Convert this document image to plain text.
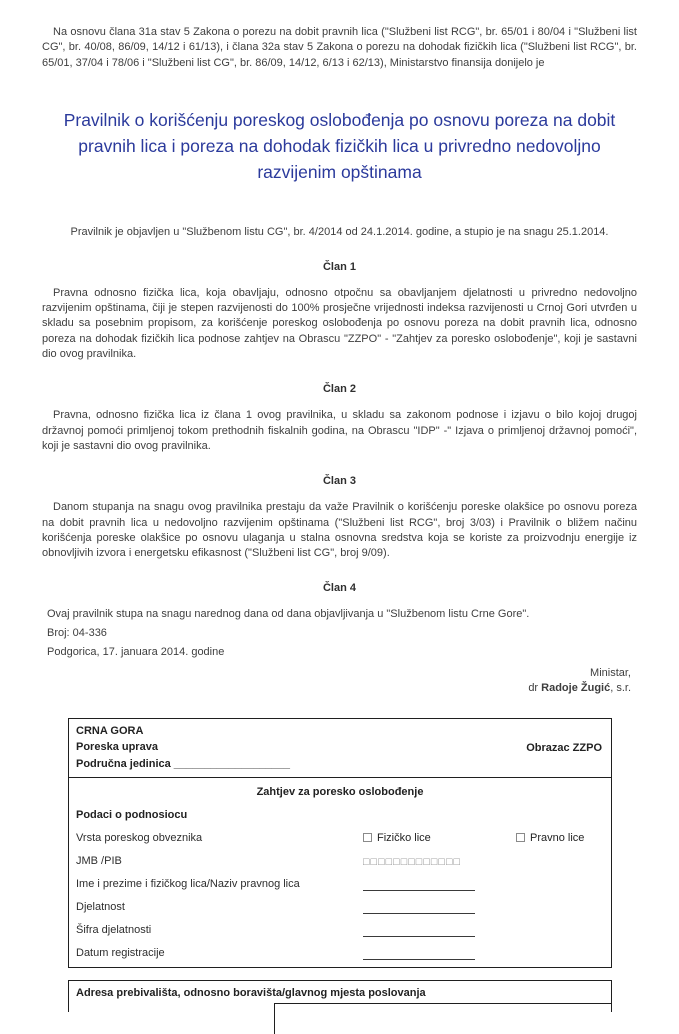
Na osnovu člana 31a stav 5 Zakona o porezu na dobit pravnih lica ("Službeni list RCG", br. 65/01 i 80/04 i "Službeni list CG", br. 40/08, 86/09, 14/12 i 61/13), i člana 32a stav 5 Zakona o porezu na dohodak fizičkih lica ("Službeni list RCG", br. 65/01, 37/04 i 78/06 i "Službeni list CG", br. 86/09, 14/12, 6/13 i 62/13), Ministarstvo finansija donijelo je

Pravilnik o korišćenju poreskog oslobođenja po osnovu poreza na dobit pravnih lica i poreza na dohodak fizičkih lica u privredno nedovoljno razvijenim opštinama

Pravilnik je objavljen u "Službenom listu CG", br. 4/2014 od 24.1.2014. godine, a stupio je na snagu 25.1.2014.

Član 1

Pravna odnosno fizička lica, koja obavljaju, odnosno otpočnu sa obavljanjem djelatnosti u privredno nedovoljno razvijenim opštinama, čiji je stepen razvijenosti do 100% prosječne vrijednosti indeksa razvijenosti u Crnoj Gori utvrđen u skladu sa posebnim propisom, za korišćenje poreskog oslobođenja po osnovu poreza na dobit pravnih lica, odnosno poreza na dohodak fizičkih lica podnose zahtjev na Obrascu "ZZPO" - "Zahtjev za poresko oslobođenje", koji je sastavni dio ovog pravilnika.

Član 2

Pravna, odnosno fizička lica iz člana 1 ovog pravilnika, u skladu sa zakonom podnose i izjavu o bilo kojoj drugoj državnoj pomoći primljenoj tokom prethodnih fiskalnih godina, na Obrascu "IDP" -" Izjava o primljenoj državnoj pomoći", koji je sastavni dio ovog pravilnika.

Član 3

Danom stupanja na snagu ovog pravilnika prestaju da važe Pravilnik o korišćenju poreske olakšice po osnovu poreza na dobit pravnih lica u nedovoljno razvijenim opštinama ("Službeni list RCG", broj 3/03) i Pravilnik o bližem načinu korišćenja poreske olakšice po osnovu ulaganja u stalna osnovna sredstva koja se koriste za proizvodnju energije iz obnovljivih izvora i energetsku efikasnost ("Službeni list CG", broj 9/09).

Član 4

Ovaj pravilnik stupa na snagu narednog dana od dana objavljivanja u "Službenom listu Crne Gore".

Broj: 04-336

Podgorica, 17. januara 2014. godine

Ministar,
dr Radoje Žugić, s.r.
CRNA GORA
Poreska uprava
Područna jedinica ___________________
Obrazac ZZPO
Zahtjev za poresko oslobođenje
Podaci o podnosiocu
Vrsta poreskog obveznika	Fizičko lice	Pravno lice
JMB /PIB	□□□□□□□□□□□□□
Ime i prezime i fizičkog lica/Naziv pravnog lica
Djelatnost
Šifra djelatnosti
Datum registracije
Adresa prebivališta, odnosno boravišta/glavnog mjesta poslovanja
